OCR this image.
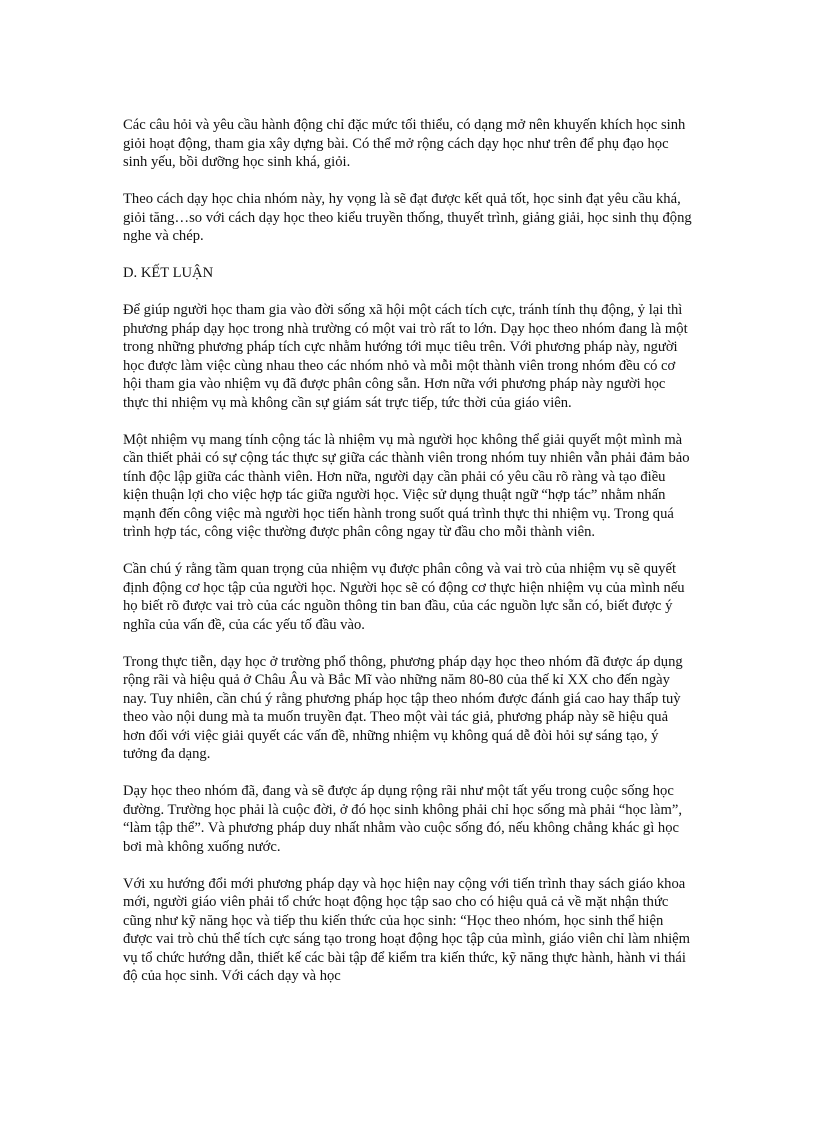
Các câu hỏi và yêu cầu hành động chỉ đặc mức tối thiểu, có dạng mở nên khuyến khích học sinh giỏi hoạt động, tham gia xây dựng bài. Có thể mở rộng cách dạy học như trên để phụ đạo học sinh yếu, bồi dưỡng học sinh khá, giỏi.

Theo cách dạy học chia nhóm này, hy vọng là sẽ đạt được kết quả tốt, học sinh đạt yêu cầu khá, giỏi tăng…so với cách dạy học theo kiểu truyền thống, thuyết trình, giảng giải, học sinh thụ động nghe và chép.

D. KẾT LUẬN

Để giúp người học tham gia vào đời sống xã hội một cách tích cực, tránh tính thụ động, ỷ lại thì phương pháp dạy học trong nhà trường có một vai trò rất to lớn. Dạy học theo nhóm đang là một trong những phương pháp tích cực nhằm hướng tới mục tiêu trên. Với phương pháp này, người học được làm việc cùng nhau theo các nhóm nhỏ và mỗi một thành viên trong nhóm đều có cơ hội tham gia vào nhiệm vụ đã được phân công sẵn. Hơn nữa với phương pháp này người học thực thi nhiệm vụ mà không cần sự giám sát trực tiếp, tức thời của giáo viên.

Một nhiệm vụ mang tính cộng tác là nhiệm vụ mà người học không thể giải quyết một mình mà cần thiết phải có sự cộng tác thực sự giữa các thành viên trong nhóm tuy nhiên vẫn phải đảm bảo tính độc lập giữa các thành viên. Hơn nữa, người dạy cần phải có yêu cầu rõ ràng và tạo điều kiện thuận lợi cho việc hợp tác giữa người học. Việc sử dụng thuật ngữ “hợp tác” nhằm nhấn mạnh đến công việc mà người học tiến hành trong suốt quá trình thực thi nhiệm vụ. Trong quá trình hợp tác, công việc thường được phân công ngay từ đầu cho mỗi thành viên.

Cần chú ý rằng tầm quan trọng của nhiệm vụ được phân công và vai trò của nhiệm vụ sẽ quyết định động cơ học tập của người học. Người học sẽ có động cơ thực hiện nhiệm vụ của mình nếu họ biết rõ được vai trò của các nguồn thông tin ban đầu, của các nguồn lực sẵn có, biết được ý nghĩa của vấn đề, của các yếu tố đầu vào.

Trong thực tiễn, dạy học ở trường phổ thông, phương pháp dạy học theo nhóm đã được áp dụng rộng rãi và hiệu quả ở Châu Âu và Bắc Mĩ vào những năm 80-80 của thế kỉ XX cho đến ngày nay. Tuy nhiên, cần chú ý rằng phương pháp học tập theo nhóm được đánh giá cao hay thấp tuỳ theo vào nội dung mà ta muốn truyền đạt. Theo một vài tác giả, phương pháp này sẽ hiệu quả hơn đối với việc giải quyết các vấn đề, những nhiệm vụ không quá dễ đòi hỏi sự sáng tạo, ý tưởng đa dạng.

Dạy học theo nhóm đã, đang và sẽ được áp dụng rộng rãi như một tất yếu trong cuộc sống học đường. Trường học phải là cuộc đời, ở đó học sinh không phải chỉ học sống mà phải “học làm”, “làm tập thể”. Và phương pháp duy nhất nhằm vào cuộc sống đó, nếu không chẳng khác gì học bơi mà không xuống nước.

Với xu hướng đổi mới phương pháp dạy và học hiện nay cộng với tiến trình thay sách giáo khoa mới, người giáo viên phải tổ chức hoạt động học tập sao cho có hiệu quả cả về mặt nhận thức cũng như kỹ năng học và tiếp thu kiến thức của học sinh: “Học theo nhóm, học sinh thể hiện được vai trò chủ thể tích cực sáng tạo trong hoạt động học tập của mình, giáo viên chỉ làm nhiệm vụ tổ chức hướng dẫn, thiết kế các bài tập để kiểm tra kiến thức, kỹ năng thực hành, hành vi thái độ của học sinh. Với cách dạy và học
